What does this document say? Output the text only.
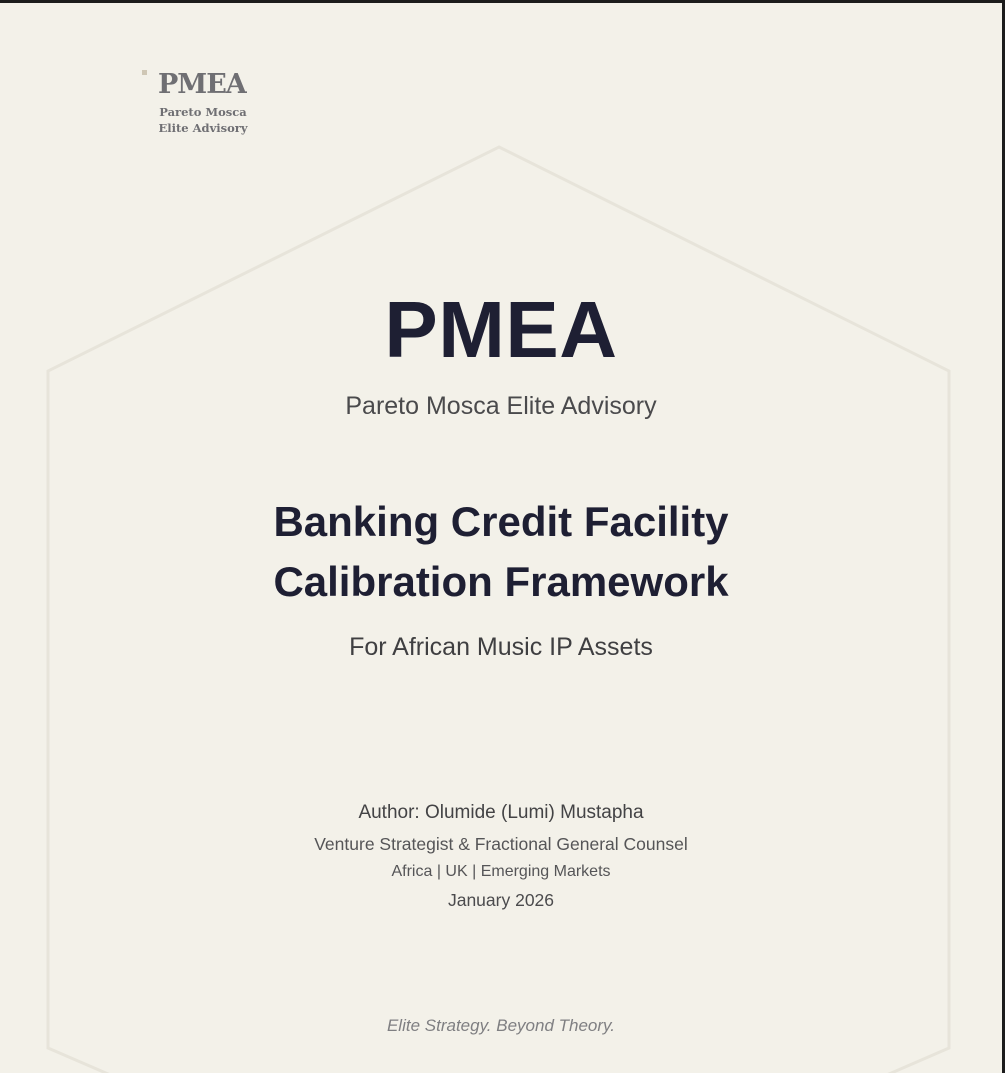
PMEA
Pareto Mosca
Elite Advisory
PMEA
Pareto Mosca Elite Advisory
Banking Credit Facility
Calibration Framework
For African Music IP Assets
Author: Olumide (Lumi) Mustapha
Venture Strategist & Fractional General Counsel
Africa | UK | Emerging Markets
January 2026
Elite Strategy. Beyond Theory.
